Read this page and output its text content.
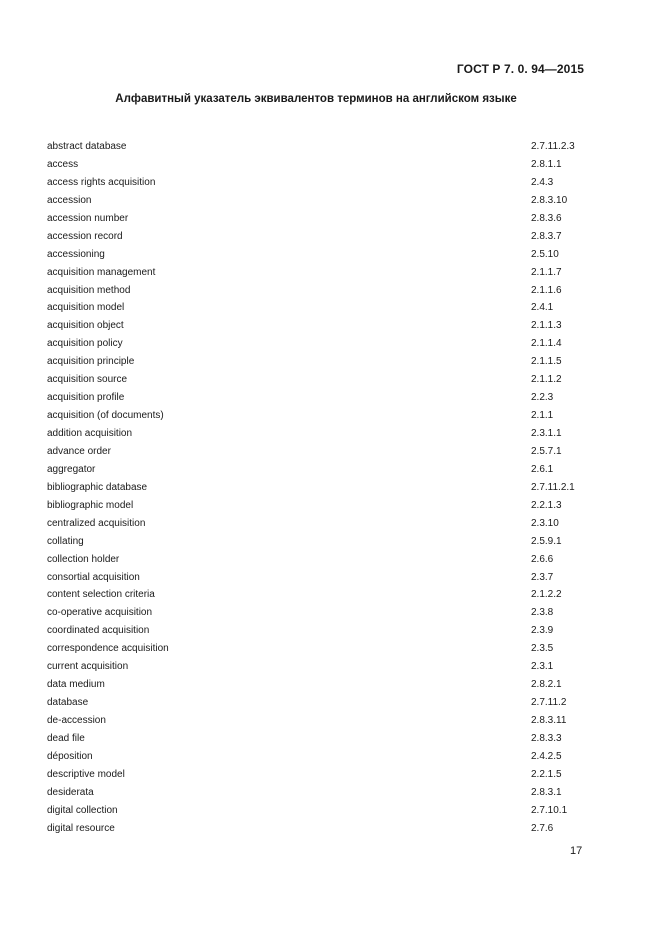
ГОСТ Р 7. 0. 94—2015
Алфавитный указатель эквивалентов терминов на английском языке
abstract database	2.7.11.2.3
access	2.8.1.1
access rights acquisition	2.4.3
accession	2.8.3.10
accession number	2.8.3.6
accession record	2.8.3.7
accessioning	2.5.10
acquisition management	2.1.1.7
acquisition method	2.1.1.6
acquisition model	2.4.1
acquisition object	2.1.1.3
acquisition policy	2.1.1.4
acquisition principle	2.1.1.5
acquisition source	2.1.1.2
acquisition profile	2.2.3
acquisition (of documents)	2.1.1
addition acquisition	2.3.1.1
advance order	2.5.7.1
aggregator	2.6.1
bibliographic database	2.7.11.2.1
bibliographic model	2.2.1.3
centralized acquisition	2.3.10
collating	2.5.9.1
collection holder	2.6.6
consortial acquisition	2.3.7
content selection criteria	2.1.2.2
co-operative acquisition	2.3.8
coordinated acquisition	2.3.9
correspondence acquisition	2.3.5
current acquisition	2.3.1
data medium	2.8.2.1
database	2.7.11.2
de-accession	2.8.3.11
dead file	2.8.3.3
déposition	2.4.2.5
descriptive model	2.2.1.5
desiderata	2.8.3.1
digital collection	2.7.10.1
digital resource	2.7.6
17
